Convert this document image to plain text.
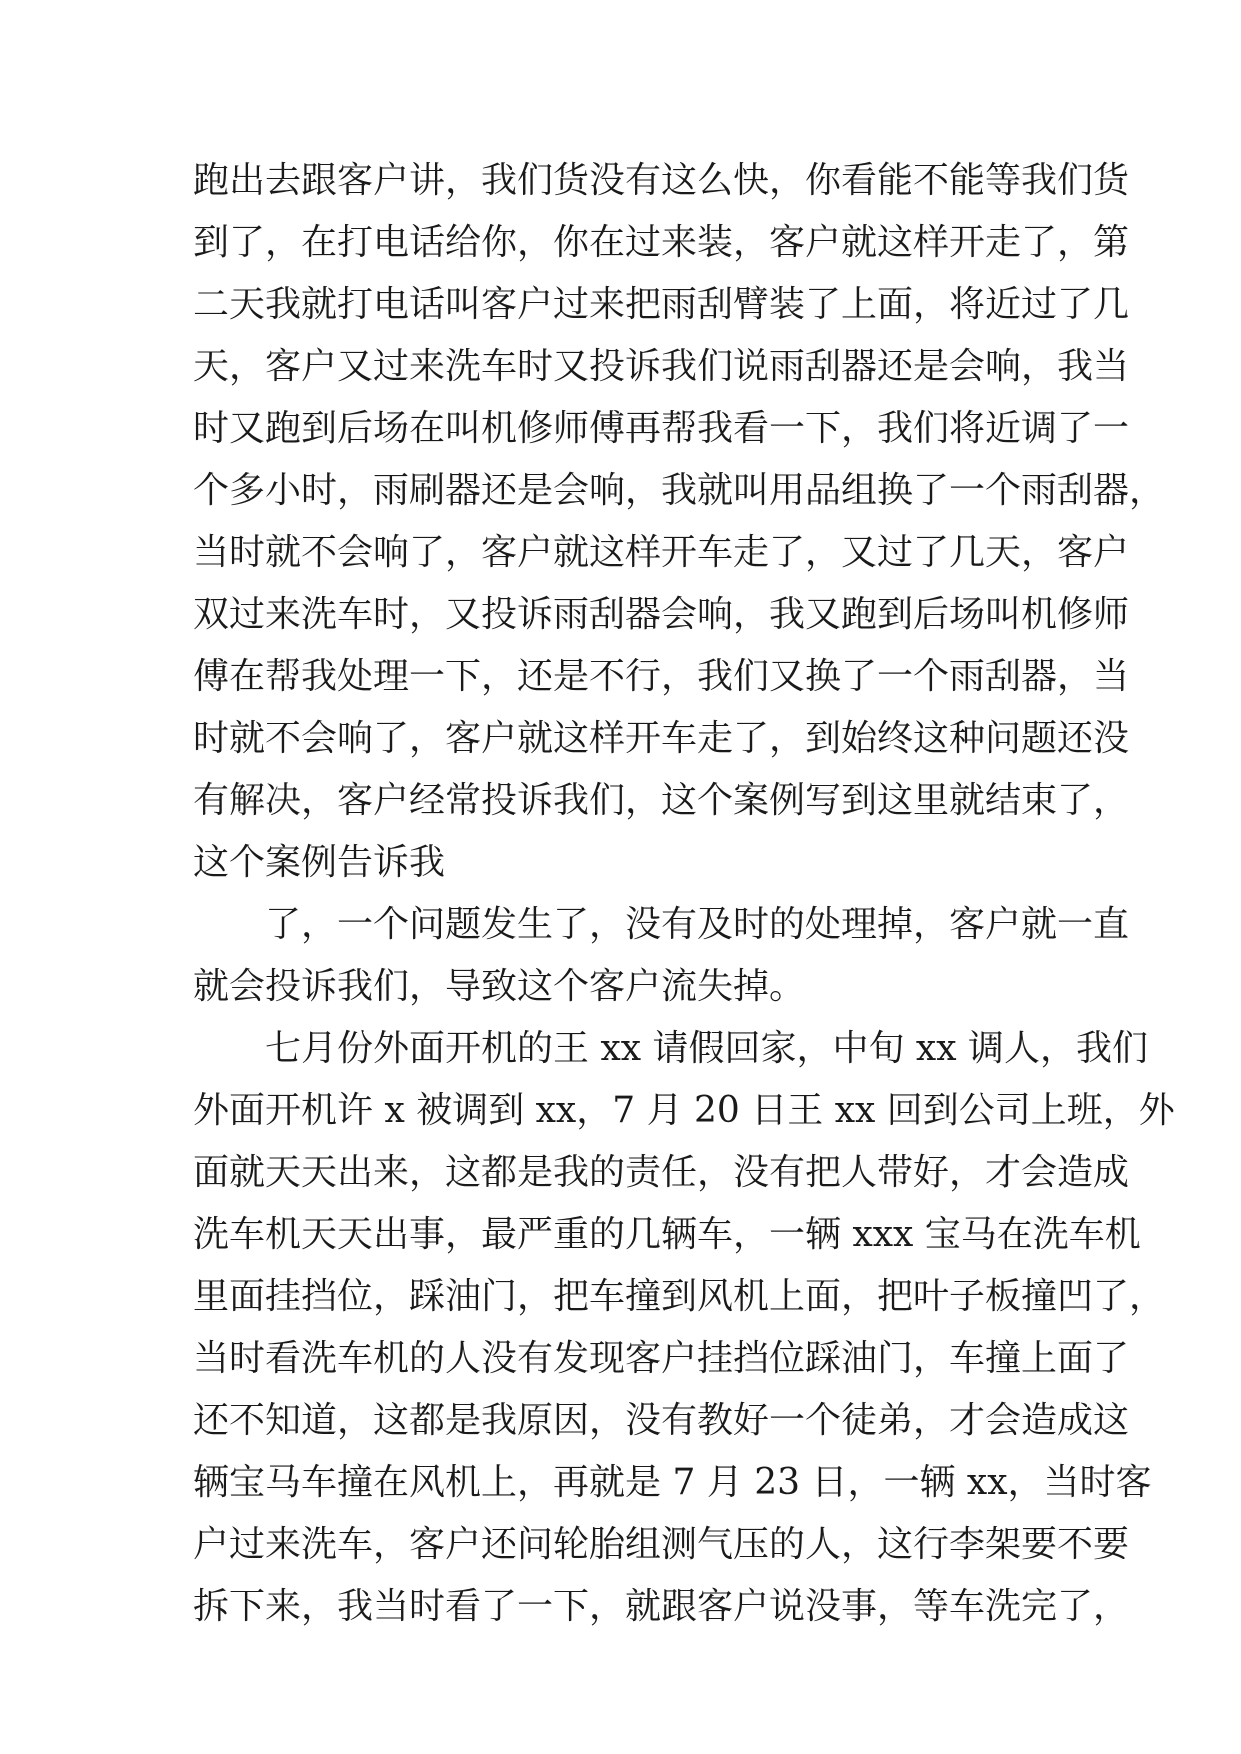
跑出去跟客户讲，我们货没有这么快，你看能不能等我们货
到了，在打电话给你，你在过来装，客户就这样开走了，第
二天我就打电话叫客户过来把雨刮臂装了上面，将近过了几
天，客户又过来洗车时又投诉我们说雨刮器还是会响，我当
时又跑到后场在叫机修师傅再帮我看一下，我们将近调了一
个多小时，雨刷器还是会响，我就叫用品组换了一个雨刮器，
当时就不会响了，客户就这样开车走了，又过了几天，客户
双过来洗车时，又投诉雨刮器会响，我又跑到后场叫机修师
傅在帮我处理一下，还是不行，我们又换了一个雨刮器，当
时就不会响了，客户就这样开车走了，到始终这种问题还没
有解决，客户经常投诉我们，这个案例写到这里就结束了，
这个案例告诉我
了，一个问题发生了，没有及时的处理掉，客户就一直
就会投诉我们，导致这个客户流失掉。
七月份外面开机的王 xx 请假回家，中旬 xx 调人，我们
外面开机许 x 被调到 xx，7 月 20 日王 xx 回到公司上班，外
面就天天出来，这都是我的责任，没有把人带好，才会造成
洗车机天天出事，最严重的几辆车，一辆 xxx 宝马在洗车机
里面挂挡位，踩油门，把车撞到风机上面，把叶子板撞凹了，
当时看洗车机的人没有发现客户挂挡位踩油门，车撞上面了
还不知道，这都是我原因，没有教好一个徒弟，才会造成这
辆宝马车撞在风机上，再就是 7 月 23 日，一辆 xx，当时客
户过来洗车，客户还问轮胎组测气压的人，这行李架要不要
拆下来，我当时看了一下，就跟客户说没事，等车洗完了，
